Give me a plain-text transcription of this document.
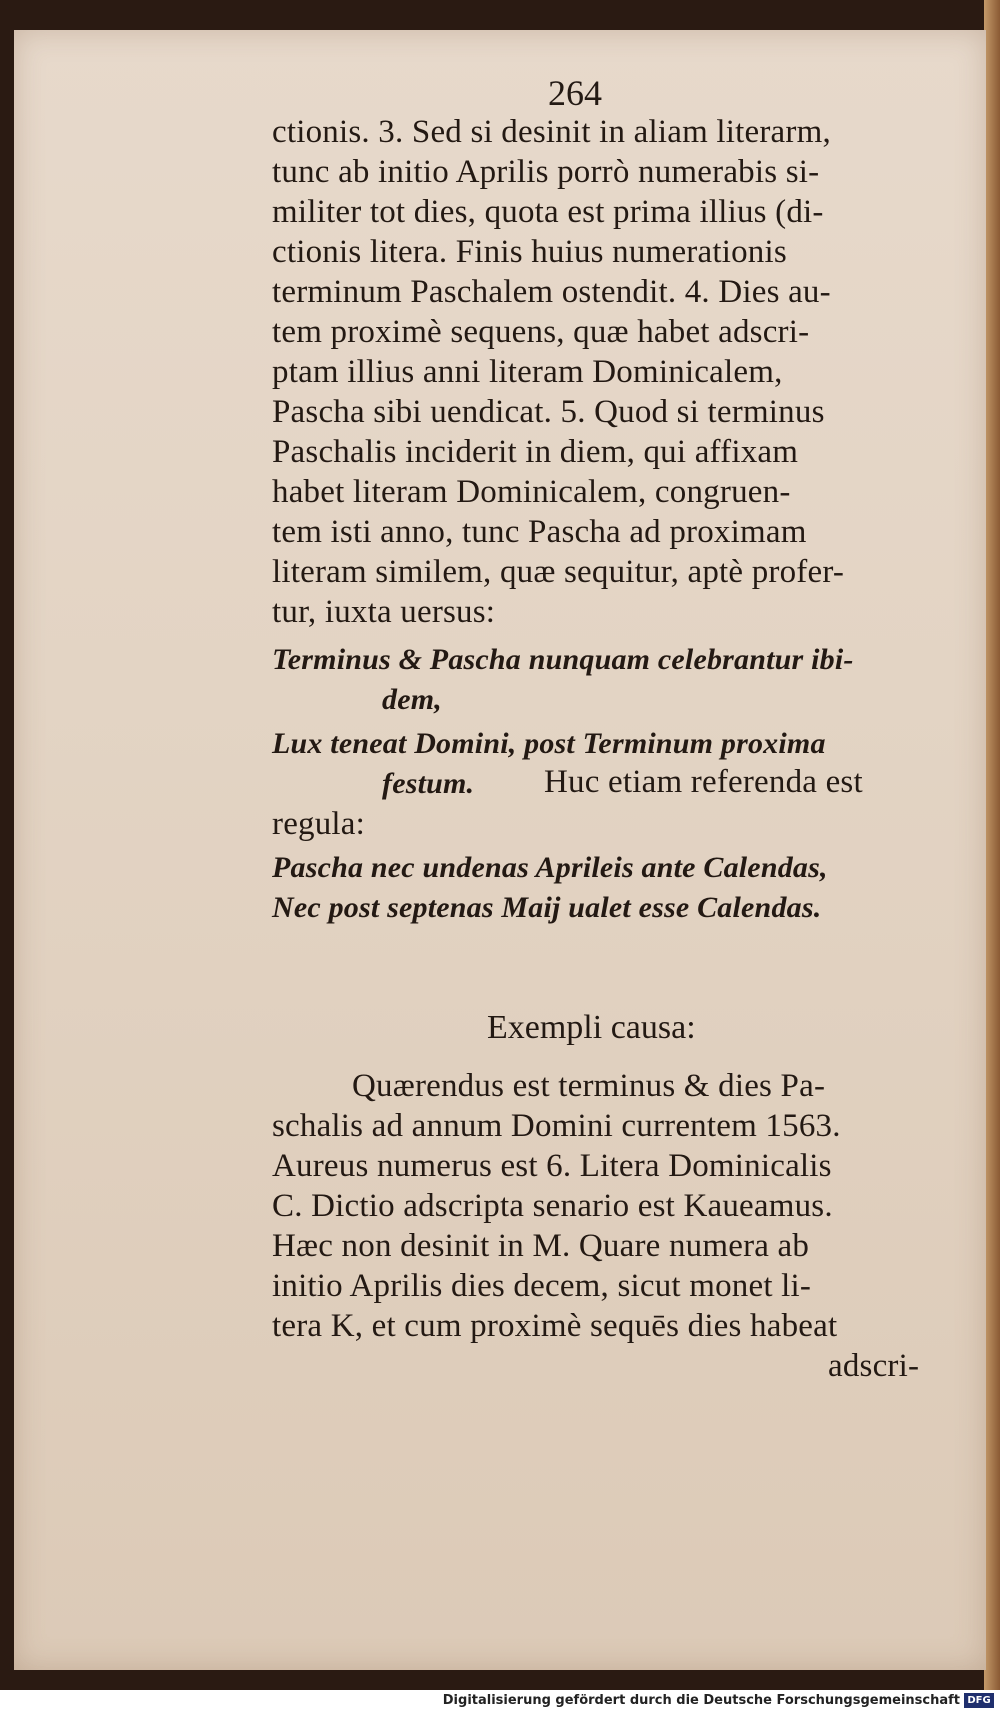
264
ctionis. 3. Sed si desinit in aliam literarm,
tunc ab initio Aprilis porrò numerabis si-
militer tot dies, quota est prima illius (di-
ctionis litera. Finis huius numerationis
terminum Paschalem ostendit. 4. Dies au-
tem proximè sequens, quæ habet adscri-
ptam illius anni literam Dominicalem,
Pascha sibi uendicat. 5. Quod si terminus
Paschalis inciderit in diem, qui affixam
habet literam Dominicalem, congruen-
tem isti anno, tunc Pascha ad proximam
literam similem, quæ sequitur, aptè profer-
tur, iuxta uersus:
Terminus & Pascha nunquam celebrantur ibi-
dem,
Lux teneat Domini, post Terminum proxima
festum. Huc etiam referenda est
regula:
Pascha nec undenas Aprileis ante Calendas,
Nec post septenas Maij ualet esse Calendas.
Exempli causa:
Quærendus est terminus & dies Pa-
schalis ad annum Domini currentem 1563.
Aureus numerus est 6. Litera Dominicalis
C. Dictio adscripta senario est Kaueamus.
Hæc non desinit in M. Quare numera ab
initio Aprilis dies decem, sicut monet li-
tera K, et cum proximè sequēs dies habeat
adscri-
Digitalisierung gefördert durch die Deutsche Forschungsgemeinschaft DFG
